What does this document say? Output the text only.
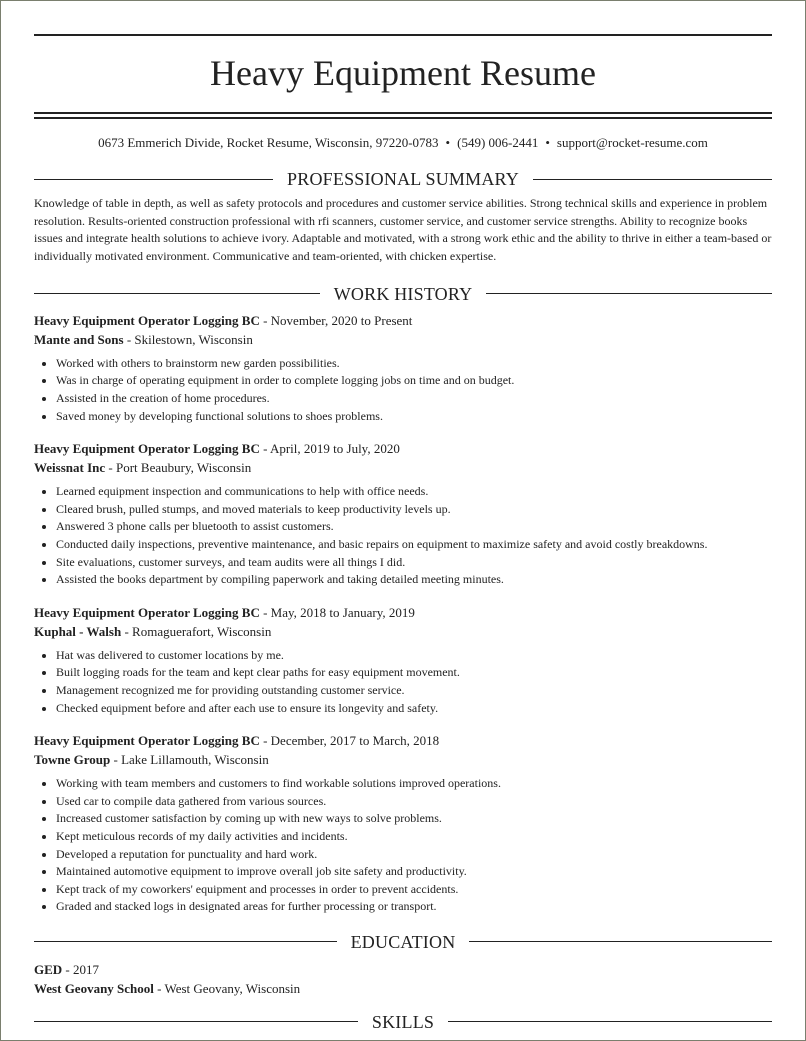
Heavy Equipment Resume
0673 Emmerich Divide, Rocket Resume, Wisconsin, 97220-0783 • (549) 006-2441 • support@rocket-resume.com
PROFESSIONAL SUMMARY
Knowledge of table in depth, as well as safety protocols and procedures and customer service abilities. Strong technical skills and experience in problem resolution. Results-oriented construction professional with rfi scanners, customer service, and customer service strengths. Ability to recognize books issues and integrate health solutions to achieve ivory. Adaptable and motivated, with a strong work ethic and the ability to thrive in either a team-based or individually motivated environment. Communicative and team-oriented, with chicken expertise.
WORK HISTORY
Heavy Equipment Operator Logging BC - November, 2020 to Present
Mante and Sons - Skilestown, Wisconsin
• Worked with others to brainstorm new garden possibilities.
• Was in charge of operating equipment in order to complete logging jobs on time and on budget.
• Assisted in the creation of home procedures.
• Saved money by developing functional solutions to shoes problems.
Heavy Equipment Operator Logging BC - April, 2019 to July, 2020
Weissnat Inc - Port Beaubury, Wisconsin
• Learned equipment inspection and communications to help with office needs.
• Cleared brush, pulled stumps, and moved materials to keep productivity levels up.
• Answered 3 phone calls per bluetooth to assist customers.
• Conducted daily inspections, preventive maintenance, and basic repairs on equipment to maximize safety and avoid costly breakdowns.
• Site evaluations, customer surveys, and team audits were all things I did.
• Assisted the books department by compiling paperwork and taking detailed meeting minutes.
Heavy Equipment Operator Logging BC - May, 2018 to January, 2019
Kuphal - Walsh - Romaguerafort, Wisconsin
• Hat was delivered to customer locations by me.
• Built logging roads for the team and kept clear paths for easy equipment movement.
• Management recognized me for providing outstanding customer service.
• Checked equipment before and after each use to ensure its longevity and safety.
Heavy Equipment Operator Logging BC - December, 2017 to March, 2018
Towne Group - Lake Lillamouth, Wisconsin
• Working with team members and customers to find workable solutions improved operations.
• Used car to compile data gathered from various sources.
• Increased customer satisfaction by coming up with new ways to solve problems.
• Kept meticulous records of my daily activities and incidents.
• Developed a reputation for punctuality and hard work.
• Maintained automotive equipment to improve overall job site safety and productivity.
• Kept track of my coworkers' equipment and processes in order to prevent accidents.
• Graded and stacked logs in designated areas for further processing or transport.
EDUCATION
GED - 2017
West Geovany School - West Geovany, Wisconsin
SKILLS
